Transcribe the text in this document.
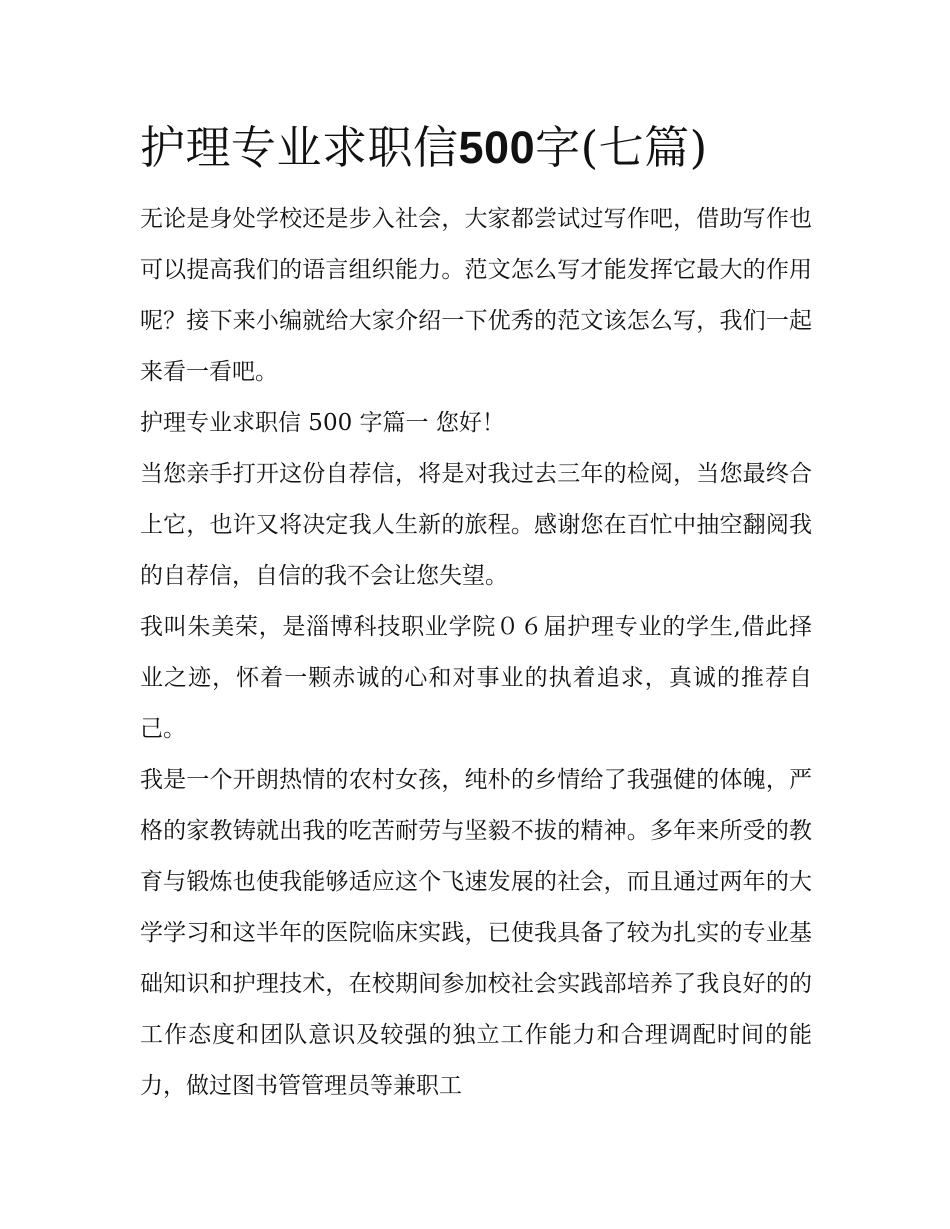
护理专业求职信500字(七篇)

无论是身处学校还是步入社会，大家都尝试过写作吧，借助写作也可以提高我们的语言组织能力。范文怎么写才能发挥它最大的作用呢？接下来小编就给大家介绍一下优秀的范文该怎么写，我们一起来看一看吧。

护理专业求职信 500 字篇一 您好！

当您亲手打开这份自荐信，将是对我过去三年的检阅，当您最终合上它，也许又将决定我人生新的旅程。感谢您在百忙中抽空翻阅我的自荐信，自信的我不会让您失望。

我叫朱美荣，是淄博科技职业学院０６届护理专业的学生,借此择业之迹，怀着一颗赤诚的心和对事业的执着追求，真诚的推荐自己。

我是一个开朗热情的农村女孩，纯朴的乡情给了我强健的体魄，严格的家教铸就出我的吃苦耐劳与坚毅不拔的精神。多年来所受的教育与锻炼也使我能够适应这个飞速发展的社会，而且通过两年的大学学习和这半年的医院临床实践，已使我具备了较为扎实的专业基础知识和护理技术，在校期间参加校社会实践部培养了我良好的的工作态度和团队意识及较强的独立工作能力和合理调配时间的能力，做过图书管管理员等兼职工
